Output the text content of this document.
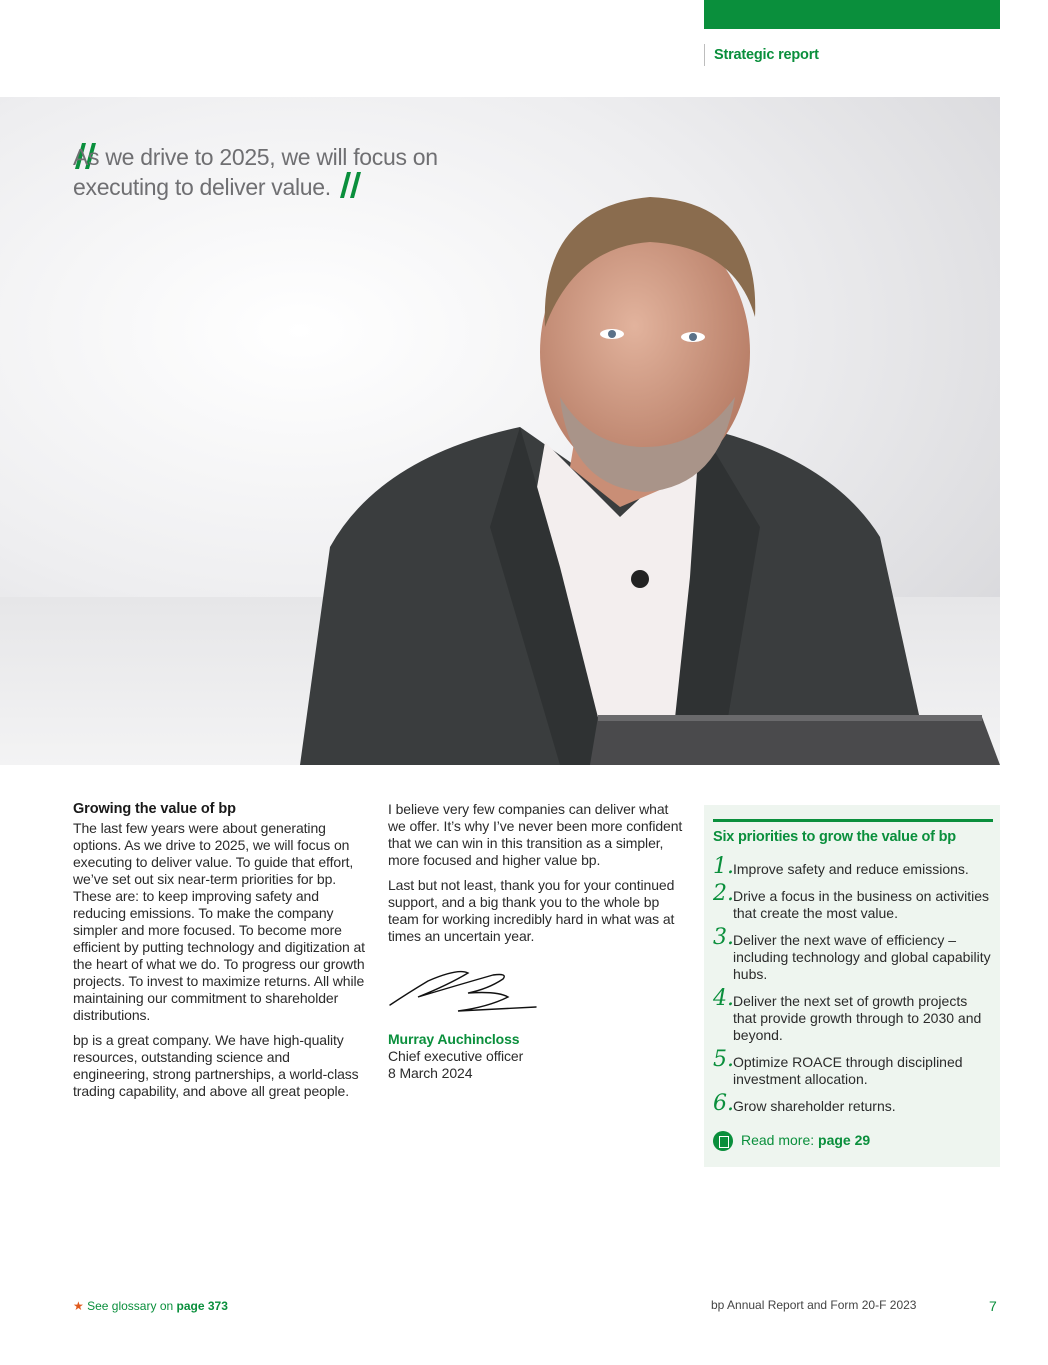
Strategic report
As we drive to 2025, we will focus on executing to deliver value.
Growing the value of bp

The last few years were about generating options. As we drive to 2025, we will focus on executing to deliver value. To guide that effort, we’ve set out six near-term priorities for bp. These are: to keep improving safety and reducing emissions. To make the company simpler and more focused. To become more efficient by putting technology and digitization at the heart of what we do. To progress our growth projects. To invest to maximize returns. All while maintaining our commitment to shareholder distributions.

bp is a great company. We have high-quality resources, outstanding science and engineering, strong partnerships, a world-class trading capability, and above all great people.

I believe very few companies can deliver what we offer. It’s why I’ve never been more confident that we can win in this transition as a simpler, more focused and higher value bp.

Last but not least, thank you for your continued support, and a big thank you to the whole bp team for working incredibly hard in what was at times an uncertain year.

Murray Auchincloss
Chief executive officer
8 March 2024
Six priorities to grow the value of bp
1. Improve safety and reduce emissions.
2. Drive a focus in the business on activities that create the most value.
3. Deliver the next wave of efficiency – including technology and global capability hubs.
4. Deliver the next set of growth projects that provide growth through to 2030 and beyond.
5. Optimize ROACE through disciplined investment allocation.
6. Grow shareholder returns.
Read more: page 29
★ See glossary on page 373	bp Annual Report and Form 20-F 2023	7
